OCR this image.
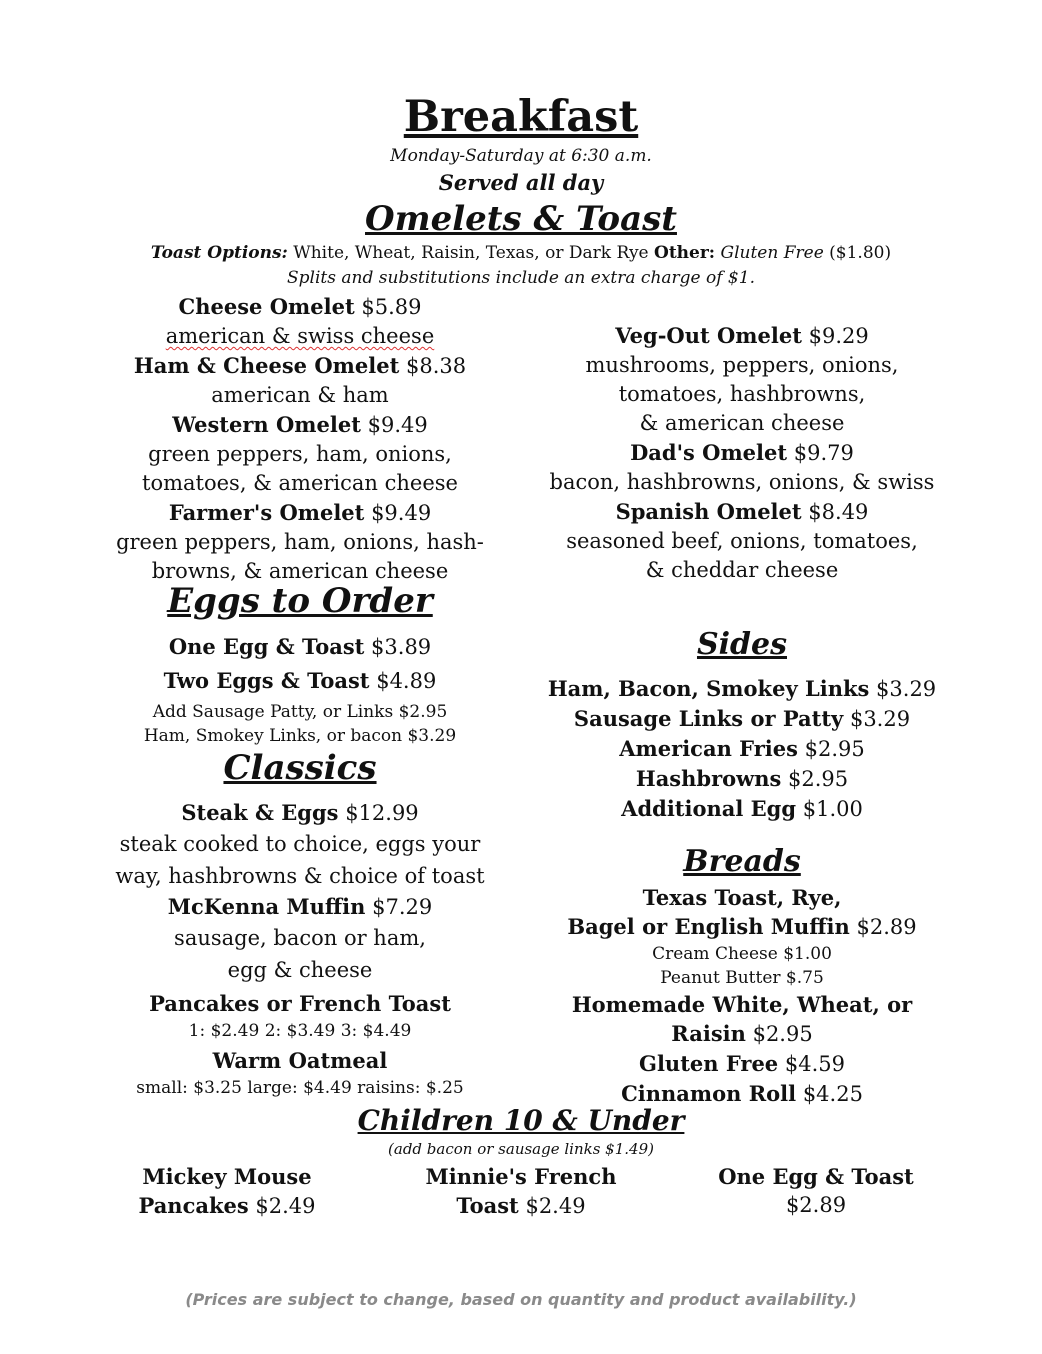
Breakfast
Monday-Saturday at 6:30 a.m.
Served all day
Omelets & Toast
Toast Options: White, Wheat, Raisin, Texas, or Dark Rye Other: Gluten Free ($1.80)
Splits and substitutions include an extra charge of $1.
Cheese Omelet $5.89
american & swiss cheese
Ham & Cheese Omelet $8.38
american & ham
Western Omelet $9.49
green peppers, ham, onions,
tomatoes, & american cheese
Farmer's Omelet $9.49
green peppers, ham, onions, hash-
browns, & american cheese
Veg-Out Omelet $9.29
mushrooms, peppers, onions,
tomatoes, hashbrowns,
& american cheese
Dad's Omelet $9.79
bacon, hashbrowns, onions, & swiss
Spanish Omelet $8.49
seasoned beef, onions, tomatoes,
& cheddar cheese
Eggs to Order
One Egg & Toast $3.89
Two Eggs & Toast $4.89
Add Sausage Patty, or Links $2.95
Ham, Smokey Links, or bacon $3.29
Classics
Steak & Eggs $12.99
steak cooked to choice, eggs your
way, hashbrowns & choice of toast
McKenna Muffin $7.29
sausage, bacon or ham,
egg & cheese
Pancakes or French Toast
1: $2.49 2: $3.49 3: $4.49
Warm Oatmeal
small: $3.25 large: $4.49 raisins: $.25
Sides
Ham, Bacon, Smokey Links $3.29
Sausage Links or Patty $3.29
American Fries $2.95
Hashbrowns $2.95
Additional Egg $1.00
Breads
Texas Toast, Rye,
Bagel or English Muffin $2.89
Cream Cheese $1.00
Peanut Butter $.75
Homemade White, Wheat, or
Raisin $2.95
Gluten Free $4.59
Cinnamon Roll $4.25
Children 10 & Under
(add bacon or sausage links $1.49)
Mickey Mouse
Pancakes $2.49
Minnie's French
Toast $2.49
One Egg & Toast
$2.89
(Prices are subject to change, based on quantity and product availability.)
